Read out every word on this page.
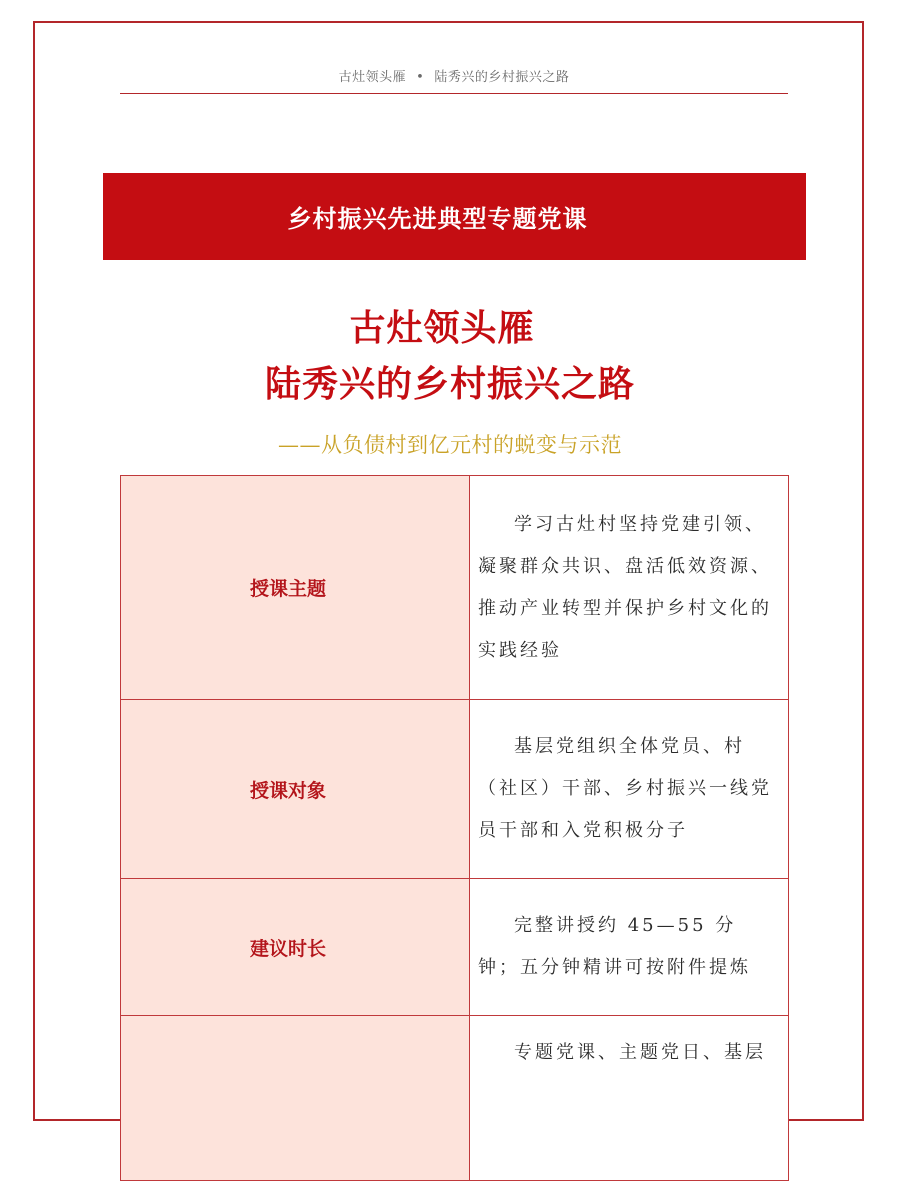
古灶领头雁 • 陆秀兴的乡村振兴之路
乡村振兴先进典型专题党课
古灶领头雁
陆秀兴的乡村振兴之路
——从负债村到亿元村的蜕变与示范
授课主题	学习古灶村坚持党建引领、凝聚群众共识、盘活低效资源、推动产业转型并保护乡村文化的实践经验
授课对象	基层党组织全体党员、村（社区）干部、乡村振兴一线党员干部和入党积极分子
建议时长	完整讲授约 45—55 分钟；五分钟精讲可按附件提炼
	专题党课、主题党日、基层
